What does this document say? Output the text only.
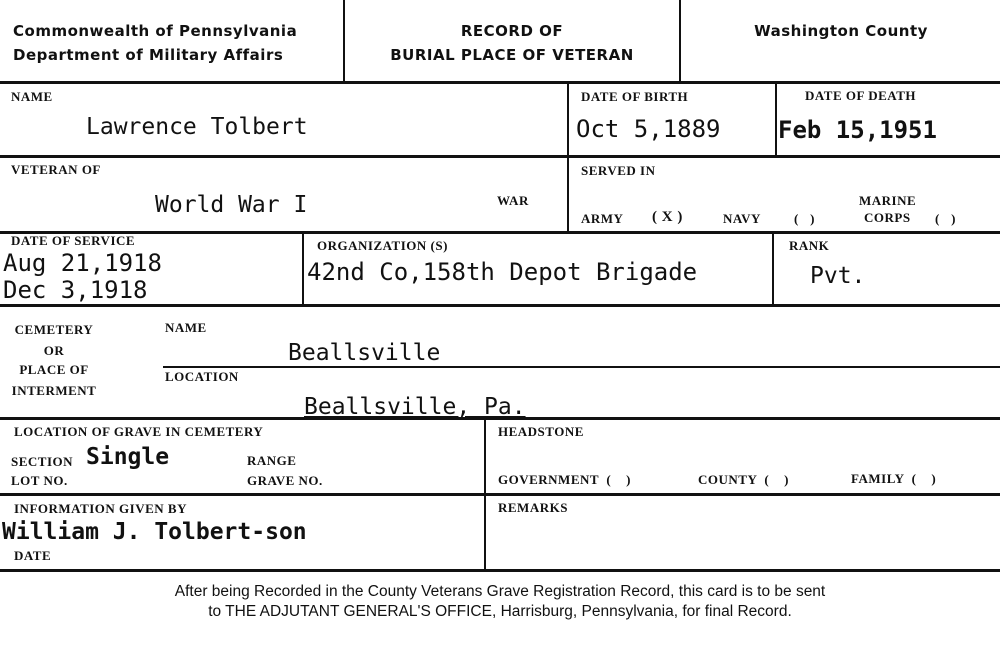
Commonwealth of Pennsylvania
Department of Military Affairs
RECORD OF
BURIAL PLACE OF VETERAN
Washington County
NAME
Lawrence Tolbert
DATE OF BIRTH
Oct 5,1889
DATE OF DEATH
Feb 15,1951
VETERAN OF
World War I	WAR
SERVED IN
ARMY ( X )	NAVY	(   )
MARINE
CORPS (   )
DATE OF SERVICE
Aug 21,1918
Dec 3,1918
ORGANIZATION (S)
42nd Co,158th Depot Brigade
RANK
Pvt.
CEMETERY
OR
PLACE OF
INTERMENT
NAME
Beallsville
LOCATION
Beallsville, Pa.
LOCATION OF GRAVE IN CEMETERY
SECTION Single	RANGE
LOT NO.	GRAVE NO.
HEADSTONE
GOVERNMENT  (    )	COUNTY  (    )	FAMILY  (    )
INFORMATION GIVEN BY
William J. Tolbert-son
DATE
REMARKS
After being Recorded in the County Veterans Grave Registration Record, this card is to be sent
to THE ADJUTANT GENERAL'S OFFICE, Harrisburg, Pennsylvania, for final Record.
